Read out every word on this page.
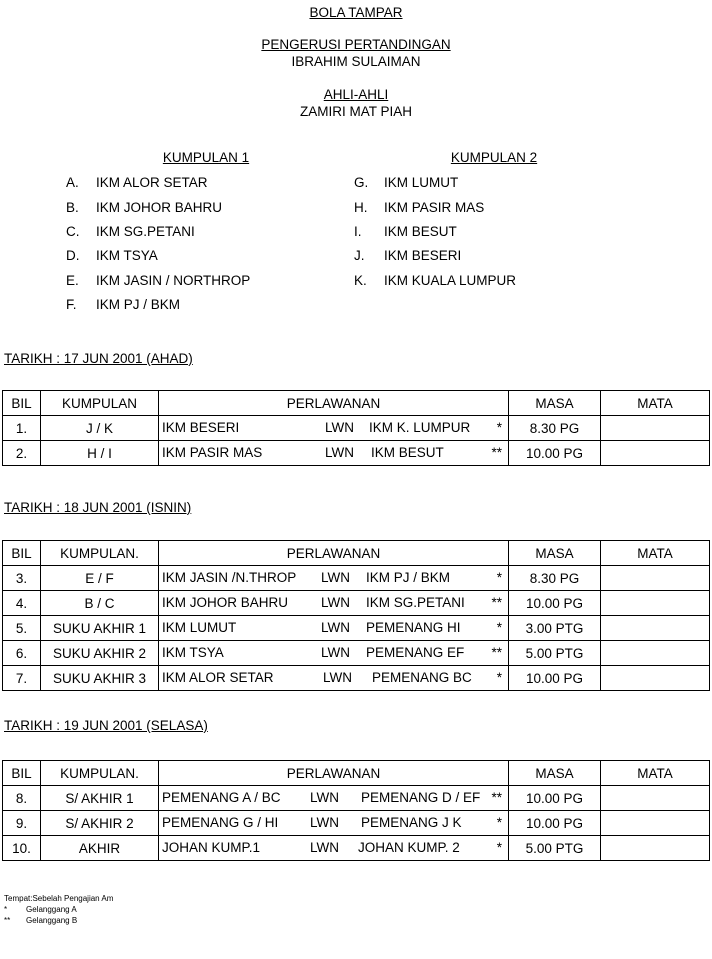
BOLA TAMPAR
PENGERUSI PERTANDINGAN
IBRAHIM SULAIMAN
AHLI-AHLI
ZAMIRI MAT PIAH
KUMPULAN 1
A. IKM ALOR SETAR
B. IKM JOHOR BAHRU
C. IKM SG.PETANI
D. IKM TSYA
E. IKM JASIN / NORTHROP
F. IKM PJ / BKM
KUMPULAN 2
G. IKM LUMUT
H. IKM PASIR MAS
I. IKM BESUT
J. IKM BESERI
K. IKM KUALA LUMPUR
TARIKH : 17 JUN 2001 (AHAD)
BIL	KUMPULAN	PERLAWANAN	MASA	MATA
1.	J / K	IKM BESERI LWN IKM K. LUMPUR *	8.30 PG	
2.	H / I	IKM PASIR MAS LWN IKM BESUT **	10.00 PG	
TARIKH : 18 JUN 2001 (ISNIN)
BIL	KUMPULAN.	PERLAWANAN	MASA	MATA
3.	E / F	IKM JASIN /N.THROP LWN IKM PJ / BKM *	8.30 PG	
4.	B / C	IKM JOHOR BAHRU LWN IKM SG.PETANI **	10.00 PG	
5.	SUKU AKHIR 1	IKM LUMUT LWN PEMENANG HI *	3.00 PTG	
6.	SUKU AKHIR 2	IKM TSYA LWN PEMENANG EF **	5.00 PTG	
7.	SUKU AKHIR 3	IKM ALOR SETAR LWN PEMENANG BC *	10.00 PG	
TARIKH : 19 JUN 2001 (SELASA)
BIL	KUMPULAN.	PERLAWANAN	MASA	MATA
8.	S/ AKHIR 1	PEMENANG A / BC LWN PEMENANG D / EF **	10.00 PG	
9.	S/ AKHIR 2	PEMENANG G / HI LWN PEMENANG J K *	10.00 PG	
10.	AKHIR	JOHAN KUMP.1 LWN JOHAN KUMP. 2 *	5.00 PTG	
Tempat:Sebelah Pengajian Am
* Gelanggang A
** Gelanggang B
